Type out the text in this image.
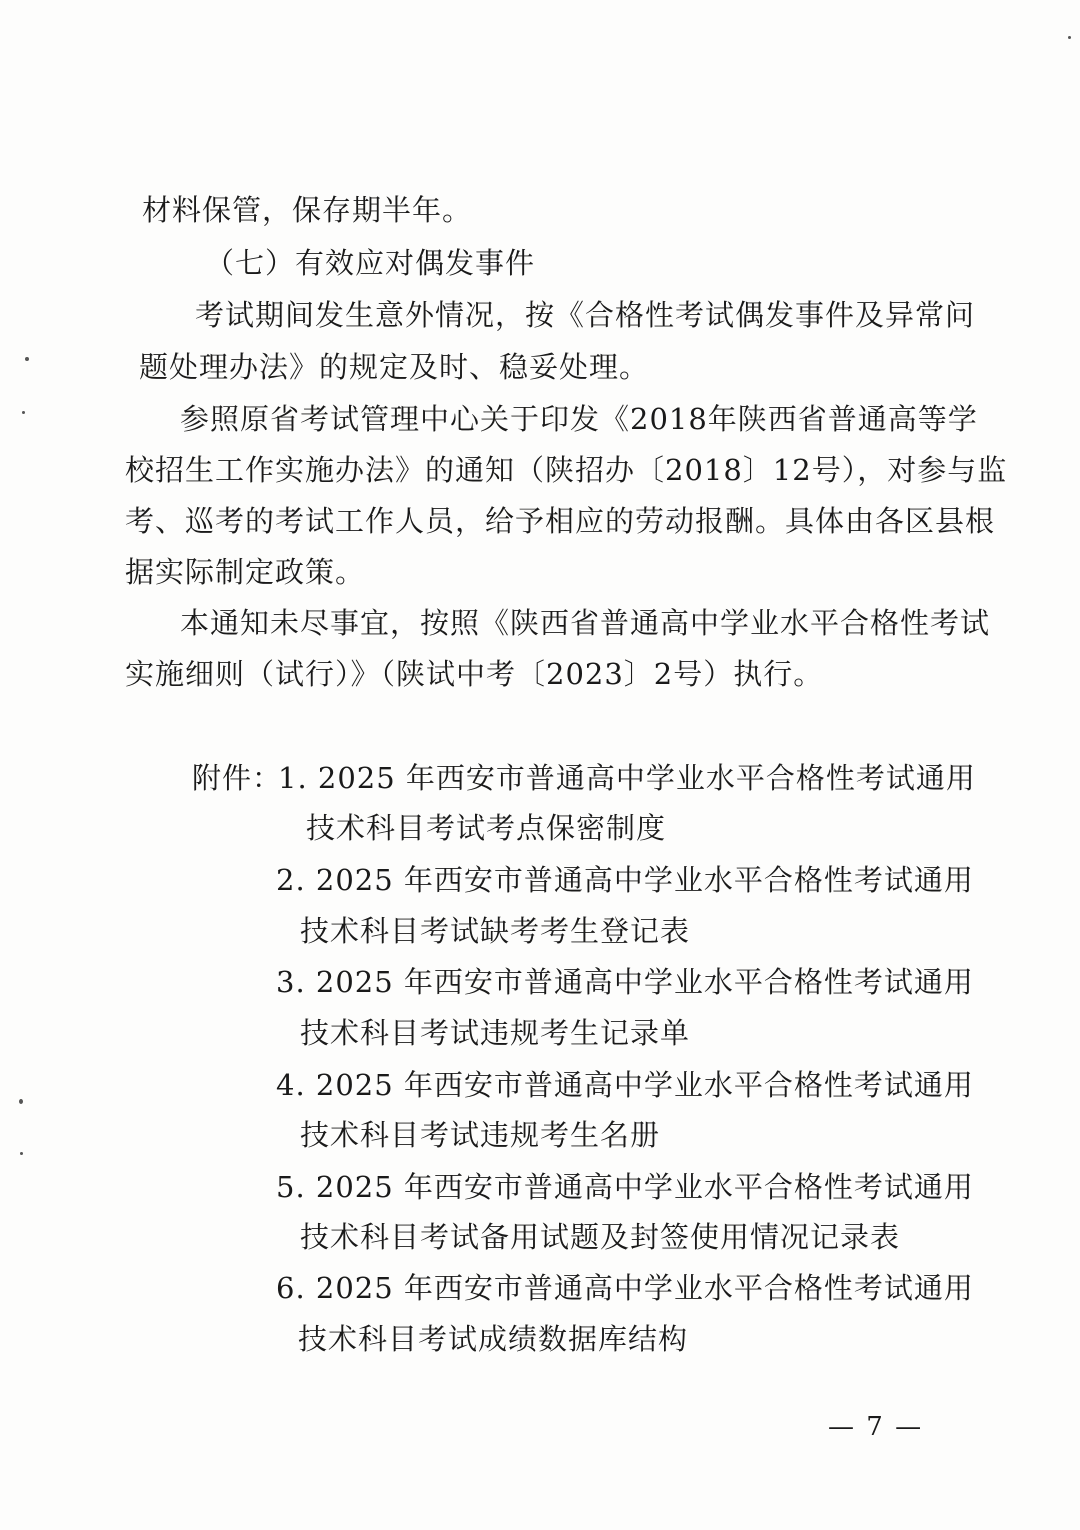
材料保管，保存期半年。
（七）有效应对偶发事件
考试期间发生意外情况，按《合格性考试偶发事件及异常问
题处理办法》的规定及时、稳妥处理。
参照原省考试管理中心关于印发《2018年陕西省普通高等学
校招生工作实施办法》的通知（陕招办〔2018〕12号），对参与监
考、巡考的考试工作人员，给予相应的劳动报酬。具体由各区县根
据实际制定政策。
本通知未尽事宜，按照《陕西省普通高中学业水平合格性考试
实施细则（试行）》（陕试中考〔2023〕2号）执行。
附件：
1. 2025 年西安市普通高中学业水平合格性考试通用
技术科目考试考点保密制度
2. 2025 年西安市普通高中学业水平合格性考试通用
技术科目考试缺考考生登记表
3. 2025 年西安市普通高中学业水平合格性考试通用
技术科目考试违规考生记录单
4. 2025 年西安市普通高中学业水平合格性考试通用
技术科目考试违规考生名册
5. 2025 年西安市普通高中学业水平合格性考试通用
技术科目考试备用试题及封签使用情况记录表
6. 2025 年西安市普通高中学业水平合格性考试通用
技术科目考试成绩数据库结构
— 7 —
